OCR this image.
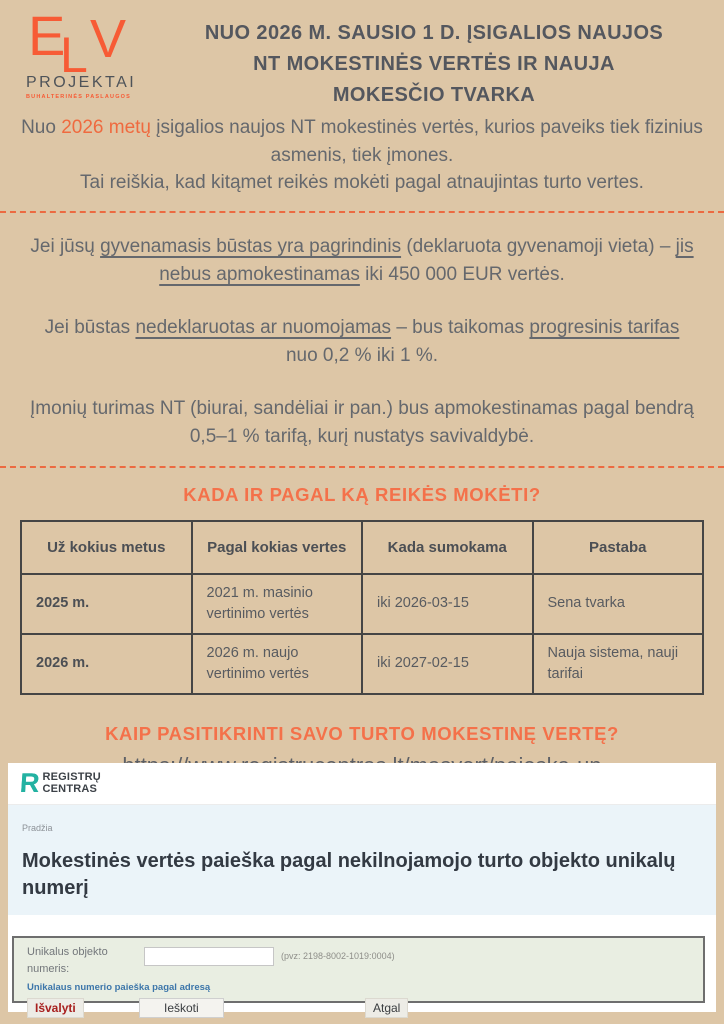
E
L V
PROJEKTAI
BUHALTERINĖS PASLAUGOS
NUO 2026 M. SAUSIO 1 D. ĮSIGALIOS NAUJOS
NT MOKESTINĖS VERTĖS IR NAUJA
MOKESČIO TVARKA
Nuo 2026 metų įsigalios naujos NT mokestinės vertės, kurios paveiks tiek fizinius asmenis, tiek įmones.
Tai reiškia, kad kitąmet reikės mokėti pagal atnaujintas turto vertes.

Jei jūsų gyvenamasis būstas yra pagrindinis (deklaruota gyvenamoji vieta) – jis nebus apmokestinamas iki 450 000 EUR vertės.

Jei būstas nedeklaruotas ar nuomojamas – bus taikomas progresinis tarifas nuo 0,2 % iki 1 %.

Įmonių turimas NT (biurai, sandėliai ir pan.) bus apmokestinamas pagal bendrą 0,5–1 % tarifą, kurį nustatys savivaldybė.

KADA IR PAGAL KĄ REIKĖS MOKĖTI?
Už kokius metus	Pagal kokias vertes	Kada sumokama	Pastaba
2025 m.	2021 m. masinio vertinimo vertės	iki 2026-03-15	Sena tvarka
2026 m.	2026 m. naujo vertinimo vertės	iki 2027-02-15	Nauja sistema, nauji tarifai
KAIP PASITIKRINTI SAVO TURTO MOKESTINĘ VERTĘ?
R REGISTRŲ
CENTRAS
Pradžia
Mokestinės vertės paieška pagal nekilnojamojo turto objekto unikalų numerį
Unikalus objekto numeris:
(pvz: 2198-8002-1019:0004)
Unikalaus numerio paieška pagal adresą
Išvalyti	Ieškoti	Atgal
